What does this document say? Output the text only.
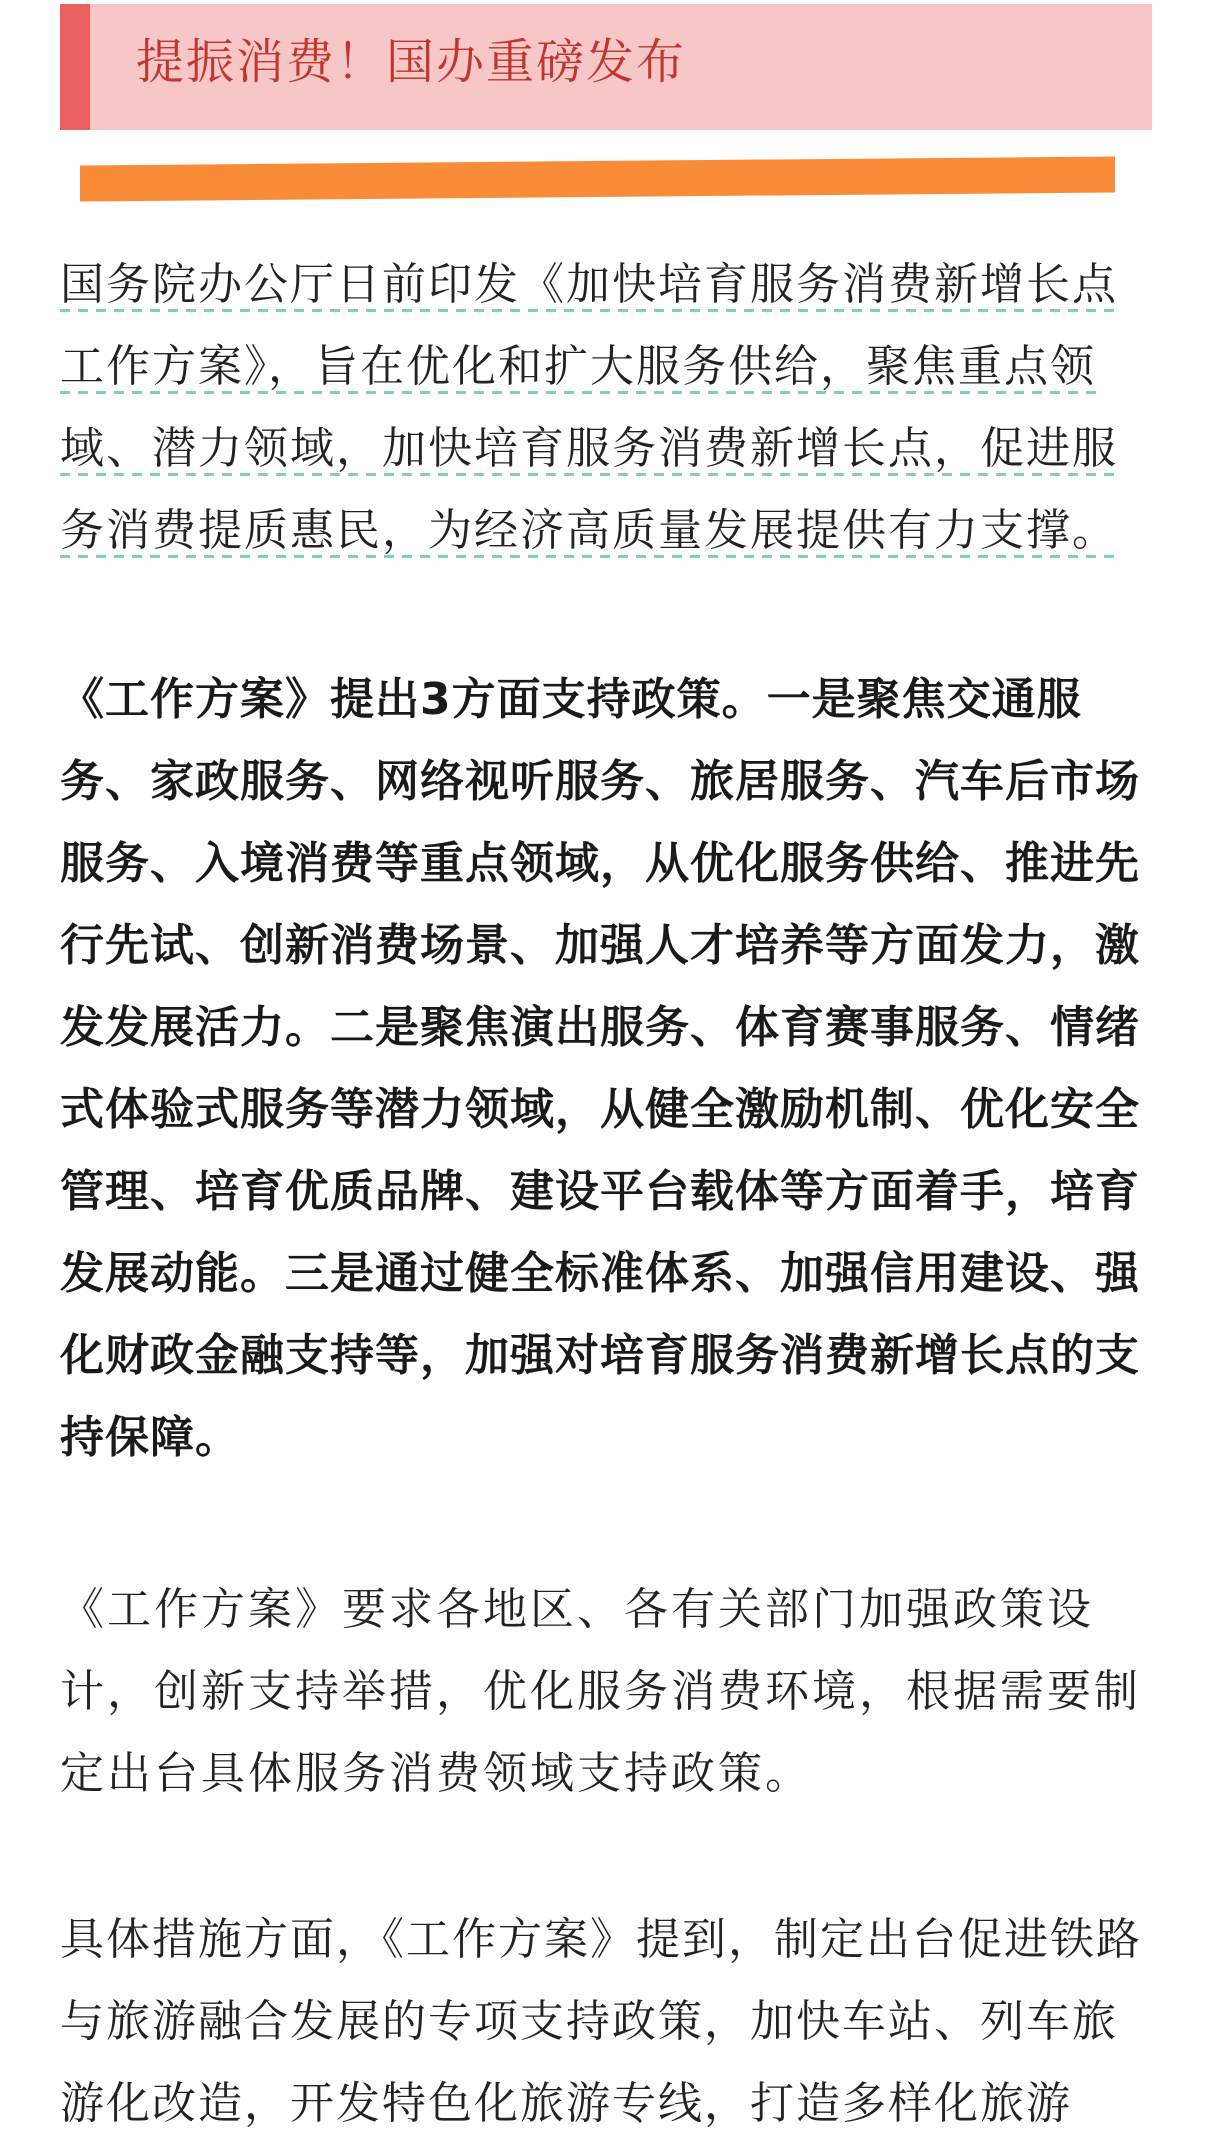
提振消费！国办重磅发布

国务院办公厅日前印发《加快培育服务消费新增长点工作方案》，旨在优化和扩大服务供给，聚焦重点领域、潜力领域，加快培育服务消费新增长点，促进服务消费提质惠民，为经济高质量发展提供有力支撑。

《工作方案》提出3方面支持政策。一是聚焦交通服务、家政服务、网络视听服务、旅居服务、汽车后市场服务、入境消费等重点领域，从优化服务供给、推进先行先试、创新消费场景、加强人才培养等方面发力，激发发展活力。二是聚焦演出服务、体育赛事服务、情绪式体验式服务等潜力领域，从健全激励机制、优化安全管理、培育优质品牌、建设平台载体等方面着手，培育发展动能。三是通过健全标准体系、加强信用建设、强化财政金融支持等，加强对培育服务消费新增长点的支持保障。

《工作方案》要求各地区、各有关部门加强政策设计，创新支持举措，优化服务消费环境，根据需要制定出台具体服务消费领域支持政策。

具体措施方面，《工作方案》提到，制定出台促进铁路与旅游融合发展的专项支持政策，加快车站、列车旅游化改造，开发特色化旅游专线，打造多样化旅游
